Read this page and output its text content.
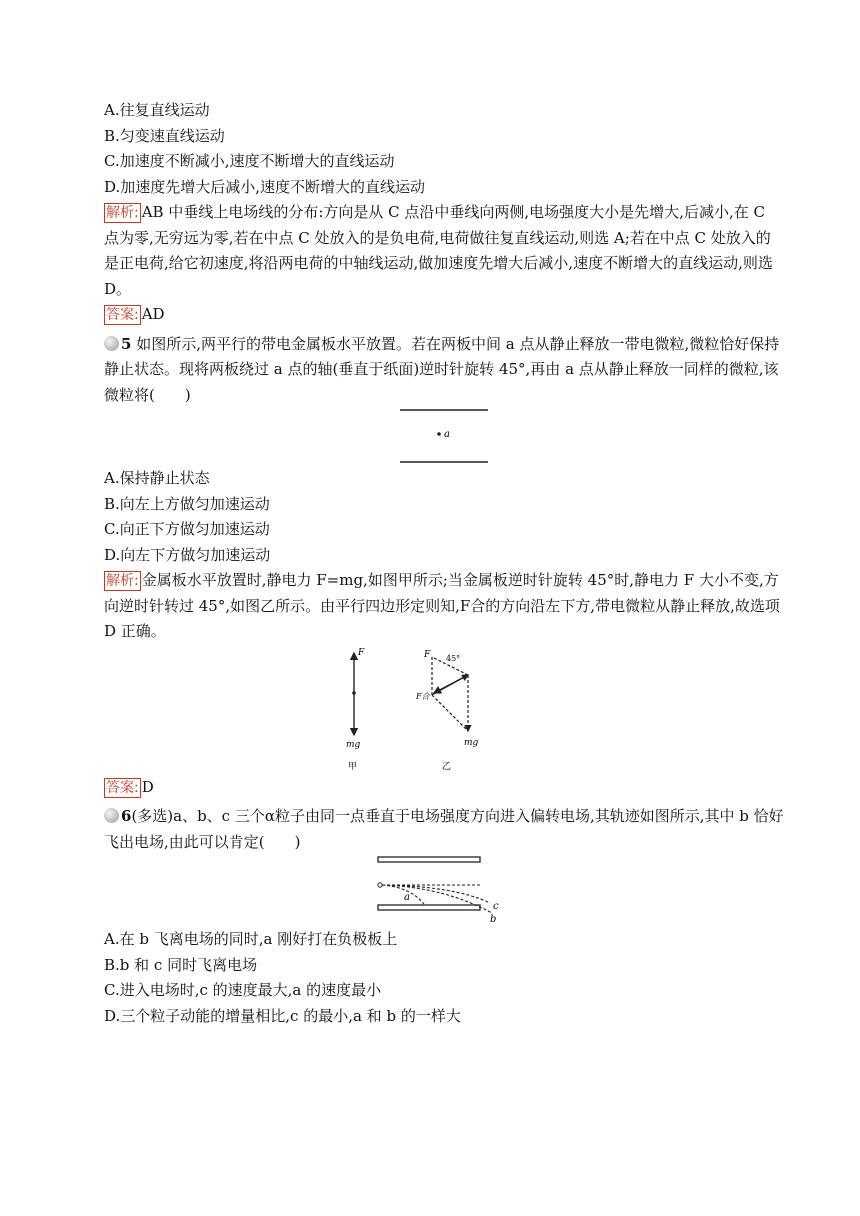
A.往复直线运动
B.匀变速直线运动
C.加速度不断减小,速度不断增大的直线运动
D.加速度先增大后减小,速度不断增大的直线运动
解析: AB 中垂线上电场线的分布:方向是从 C 点沿中垂线向两侧,电场强度大小是先增大,后减小,在 C 点为零,无穷远为零,若在中点 C 处放入的是负电荷,电荷做往复直线运动,则选 A;若在中点 C 处放入的是正电荷,给它初速度,将沿两电荷的中轴线运动,做加速度先增大后减小,速度不断增大的直线运动,则选 D。
答案: AD
5 如图所示,两平行的带电金属板水平放置。若在两板中间 a 点从静止释放一带电微粒,微粒恰好保持静止状态。现将两板绕过 a 点的轴(垂直于纸面)逆时针旋转 45°,再由 a 点从静止释放一同样的微粒,该微粒将(　　)
a
A.保持静止状态
B.向左上方做匀加速运动
C.向正下方做匀加速运动
D.向左下方做匀加速运动
解析: 金属板水平放置时,静电力 F=mg,如图甲所示;当金属板逆时针旋转 45°时,静电力 F 大小不变,方向逆时针转过 45°,如图乙所示。由平行四边形定则知,F合的方向沿左下方,带电微粒从静止释放,故选项 D 正确。
F
mg
甲
F 45°
F合
mg
乙
答案: D
6(多选)a、b、c 三个α粒子由同一点垂直于电场强度方向进入偏转电场,其轨迹如图所示,其中 b 恰好飞出电场,由此可以肯定(　　)
a
b
c
A.在 b 飞离电场的同时,a 刚好打在负极板上
B.b 和 c 同时飞离电场
C.进入电场时,c 的速度最大,a 的速度最小
D.三个粒子动能的增量相比,c 的最小,a 和 b 的一样大
